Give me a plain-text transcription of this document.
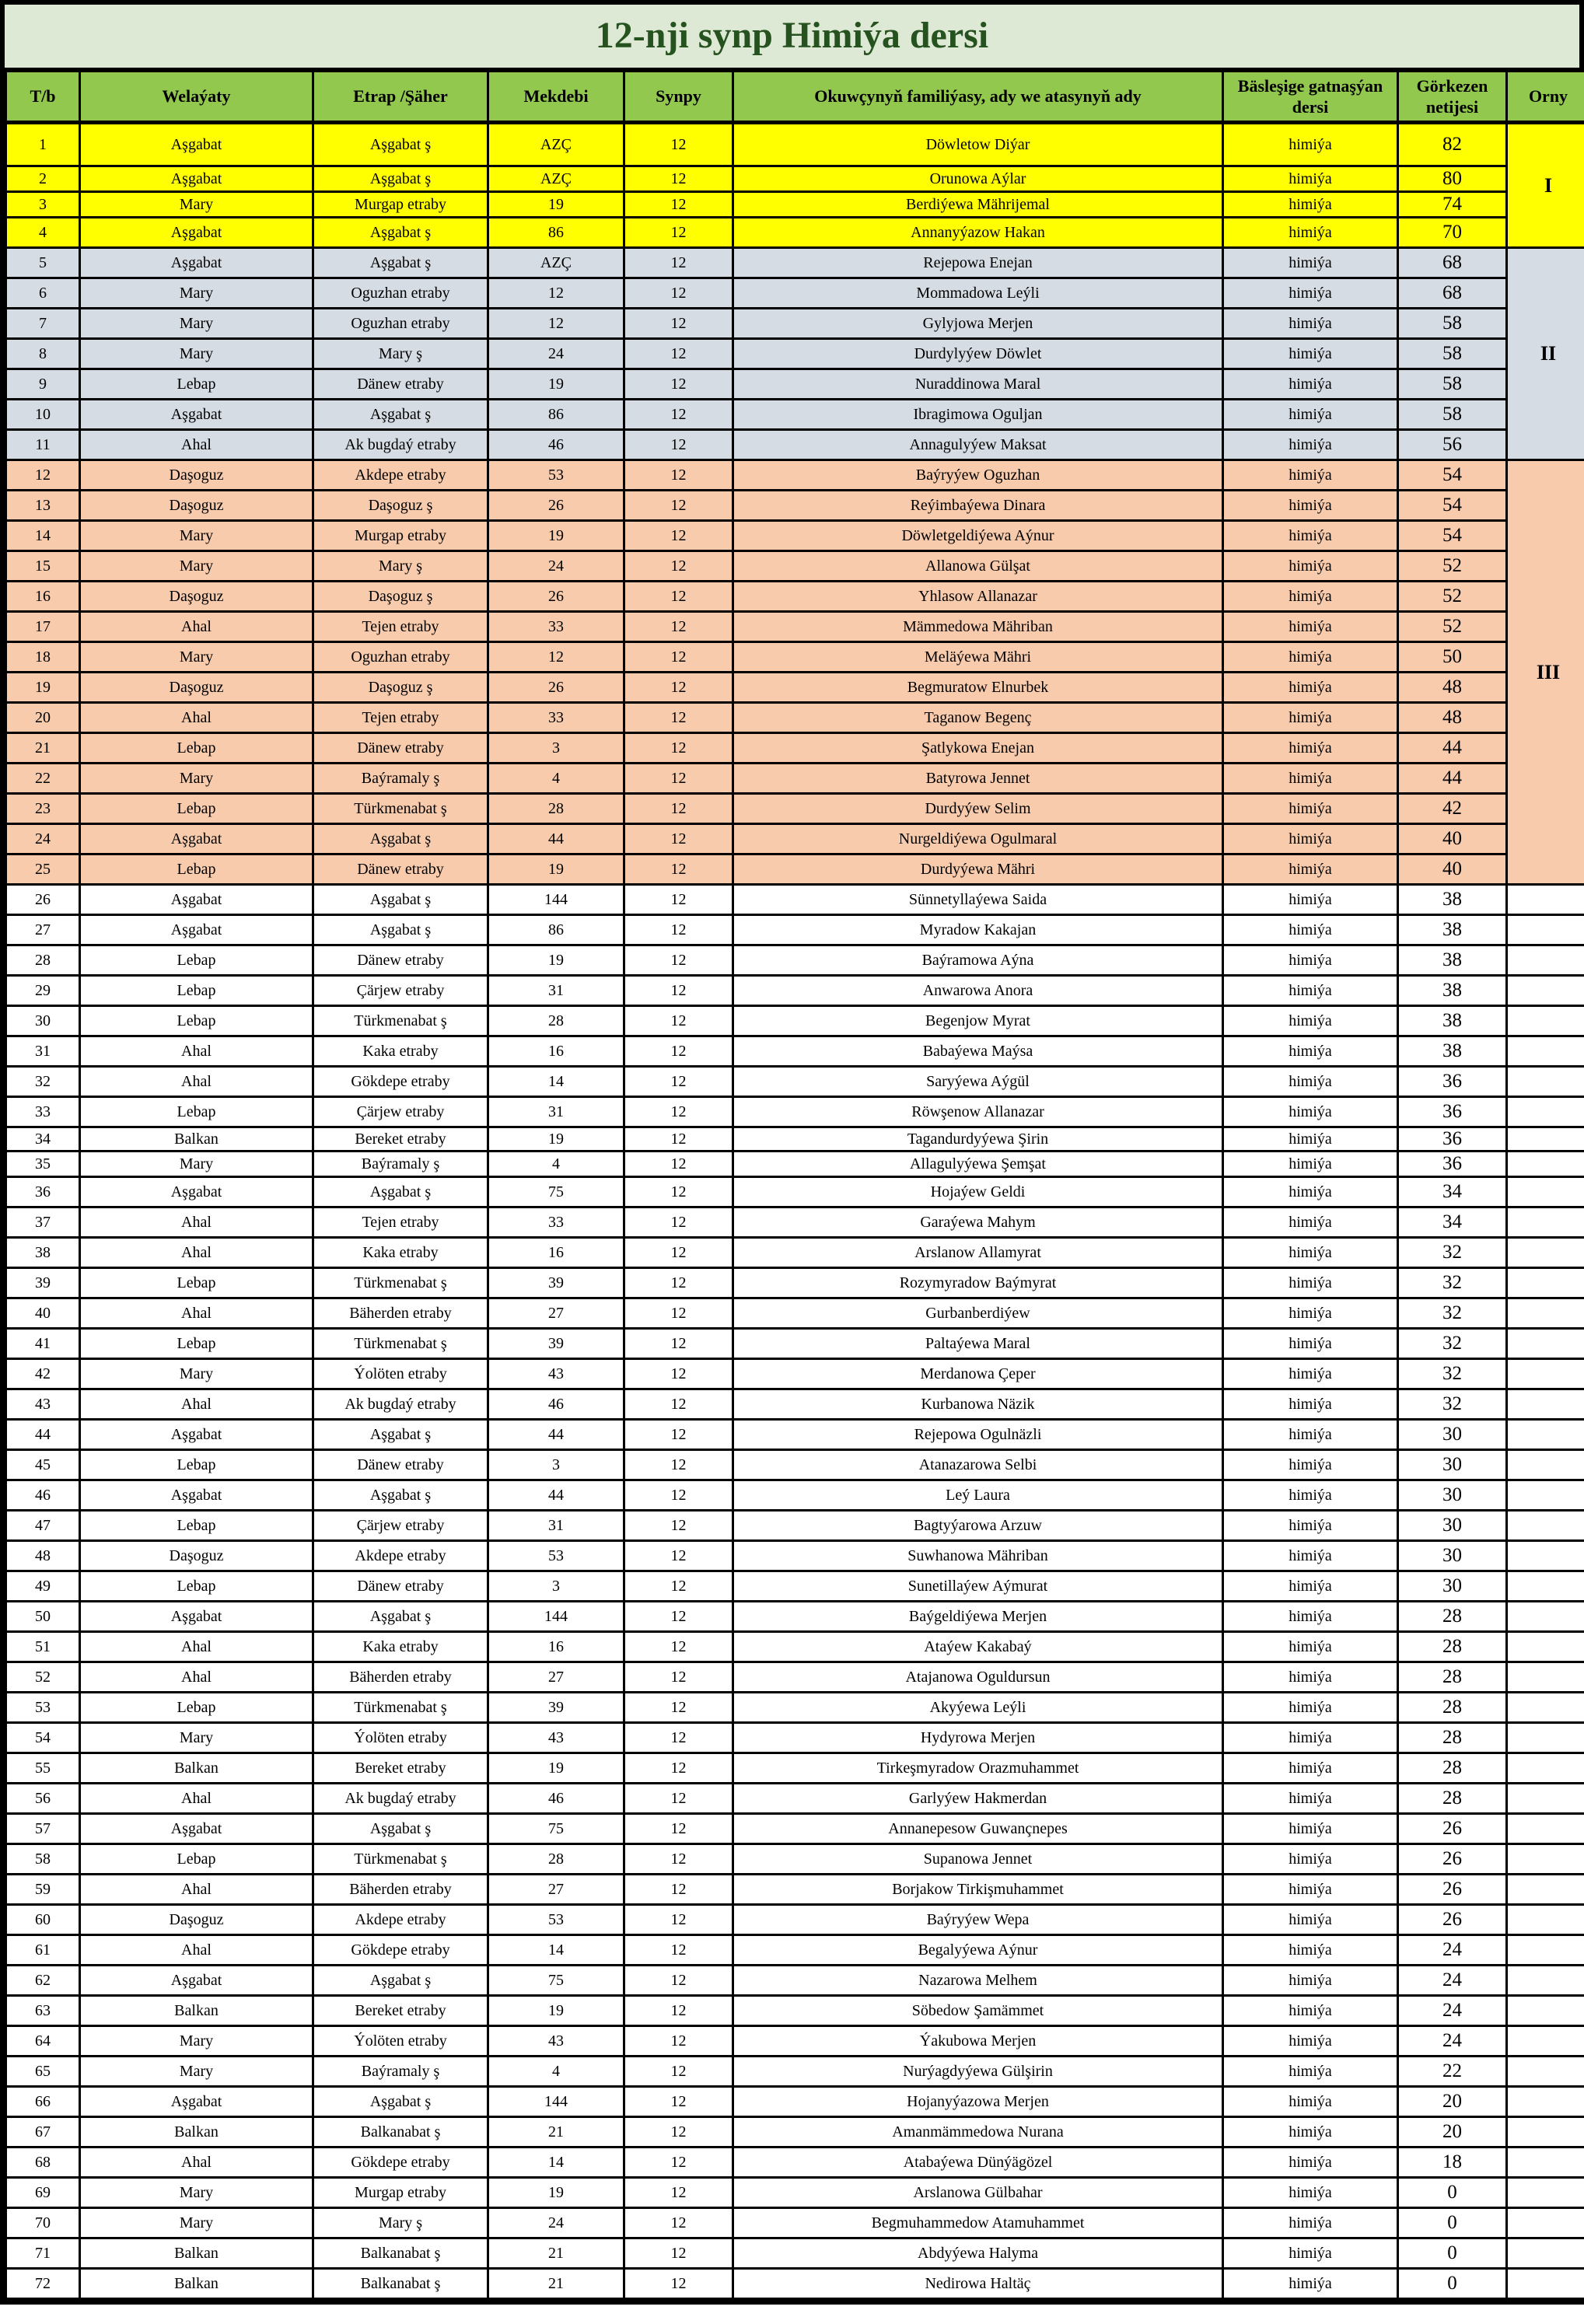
12-nji synp Himiýa dersi
T/b	Welaýaty	Etrap /Şäher	Mekdebi	Synpy	Okuwçynyň familiýasy, ady we atasynyň ady	Bäsleşige gatnaşýan dersi	Görkezen netijesi	Orny
1	Aşgabat	Aşgabat ş	AZÇ	12	Döwletow Diýar	himiýa	82	I
2	Aşgabat	Aşgabat ş	AZÇ	12	Orunowa Aýlar	himiýa	80	
3	Mary	Murgap etraby	19	12	Berdiýewa Mährijemal	himiýa	74	
4	Aşgabat	Aşgabat ş	86	12	Annanyýazow Hakan	himiýa	70	
5	Aşgabat	Aşgabat ş	AZÇ	12	Rejepowa Enejan	himiýa	68	II
6	Mary	Oguzhan etraby	12	12	Mommadowa Leýli	himiýa	68	
7	Mary	Oguzhan etraby	12	12	Gylyjowa Merjen	himiýa	58	
8	Mary	Mary ş	24	12	Durdylyýew Döwlet	himiýa	58	
9	Lebap	Dänew etraby	19	12	Nuraddinowa Maral	himiýa	58	
10	Aşgabat	Aşgabat ş	86	12	Ibragimowa Oguljan	himiýa	58	
11	Ahal	Ak bugdaý etraby	46	12	Annagulyýew Maksat	himiýa	56	
12	Daşoguz	Akdepe etraby	53	12	Baýryýew Oguzhan	himiýa	54	III
13	Daşoguz	Daşoguz ş	26	12	Reýimbaýewa Dinara	himiýa	54	
14	Mary	Murgap etraby	19	12	Döwletgeldiýewa Aýnur	himiýa	54	
15	Mary	Mary ş	24	12	Allanowa Gülşat	himiýa	52	
16	Daşoguz	Daşoguz ş	26	12	Yhlasow Allanazar	himiýa	52	
17	Ahal	Tejen etraby	33	12	Mämmedowa Mähriban	himiýa	52	
18	Mary	Oguzhan etraby	12	12	Meläýewa Mähri	himiýa	50	
19	Daşoguz	Daşoguz ş	26	12	Begmuratow Elnurbek	himiýa	48	
20	Ahal	Tejen etraby	33	12	Taganow Begenç	himiýa	48	
21	Lebap	Dänew etraby	3	12	Şatlykowa Enejan	himiýa	44	
22	Mary	Baýramaly ş	4	12	Batyrowa Jennet	himiýa	44	
23	Lebap	Türkmenabat ş	28	12	Durdyýew Selim	himiýa	42	
24	Aşgabat	Aşgabat ş	44	12	Nurgeldiýewa Ogulmaral	himiýa	40	
25	Lebap	Dänew etraby	19	12	Durdyýewa Mähri	himiýa	40	
26	Aşgabat	Aşgabat ş	144	12	Sünnetyllaýewa Saida	himiýa	38	
27	Aşgabat	Aşgabat ş	86	12	Myradow Kakajan	himiýa	38	
28	Lebap	Dänew etraby	19	12	Baýramowa Aýna	himiýa	38	
29	Lebap	Çärjew etraby	31	12	Anwarowa Anora	himiýa	38	
30	Lebap	Türkmenabat ş	28	12	Begenjow Myrat	himiýa	38	
31	Ahal	Kaka etraby	16	12	Babaýewa Maýsa	himiýa	38	
32	Ahal	Gökdepe etraby	14	12	Saryýewa Aýgül	himiýa	36	
33	Lebap	Çärjew etraby	31	12	Röwşenow Allanazar	himiýa	36	
34	Balkan	Bereket etraby	19	12	Tagandurdyýewa Şirin	himiýa	36	
35	Mary	Baýramaly ş	4	12	Allagulyýewa Şemşat	himiýa	36	
36	Aşgabat	Aşgabat ş	75	12	Hojaýew Geldi	himiýa	34	
37	Ahal	Tejen etraby	33	12	Garaýewa Mahym	himiýa	34	
38	Ahal	Kaka etraby	16	12	Arslanow Allamyrat	himiýa	32	
39	Lebap	Türkmenabat ş	39	12	Rozymyradow Baýmyrat	himiýa	32	
40	Ahal	Bäherden etraby	27	12	Gurbanberdiýew	himiýa	32	
41	Lebap	Türkmenabat ş	39	12	Paltaýewa Maral	himiýa	32	
42	Mary	Ýolöten etraby	43	12	Merdanowa Çeper	himiýa	32	
43	Ahal	Ak bugdaý etraby	46	12	Kurbanowa Näzik	himiýa	32	
44	Aşgabat	Aşgabat ş	44	12	Rejepowa Ogulnäzli	himiýa	30	
45	Lebap	Dänew etraby	3	12	Atanazarowa Selbi	himiýa	30	
46	Aşgabat	Aşgabat ş	44	12	Leý Laura	himiýa	30	
47	Lebap	Çärjew etraby	31	12	Bagtyýarowa Arzuw	himiýa	30	
48	Daşoguz	Akdepe etraby	53	12	Suwhanowa Mähriban	himiýa	30	
49	Lebap	Dänew etraby	3	12	Sunetillaýew Aýmurat	himiýa	30	
50	Aşgabat	Aşgabat ş	144	12	Baýgeldiýewa Merjen	himiýa	28	
51	Ahal	Kaka etraby	16	12	Ataýew Kakabaý	himiýa	28	
52	Ahal	Bäherden etraby	27	12	Atajanowa Oguldursun	himiýa	28	
53	Lebap	Türkmenabat ş	39	12	Akyýewa Leýli	himiýa	28	
54	Mary	Ýolöten etraby	43	12	Hydyrowa Merjen	himiýa	28	
55	Balkan	Bereket etraby	19	12	Tirkeşmyradow Orazmuhammet	himiýa	28	
56	Ahal	Ak bugdaý etraby	46	12	Garlyýew Hakmerdan	himiýa	28	
57	Aşgabat	Aşgabat ş	75	12	Annanepesow Guwançnepes	himiýa	26	
58	Lebap	Türkmenabat ş	28	12	Supanowa Jennet	himiýa	26	
59	Ahal	Bäherden etraby	27	12	Borjakow Tirkişmuhammet	himiýa	26	
60	Daşoguz	Akdepe etraby	53	12	Baýryýew Wepa	himiýa	26	
61	Ahal	Gökdepe etraby	14	12	Begalyýewa Aýnur	himiýa	24	
62	Aşgabat	Aşgabat ş	75	12	Nazarowa Melhem	himiýa	24	
63	Balkan	Bereket etraby	19	12	Söbedow Şamämmet	himiýa	24	
64	Mary	Ýolöten etraby	43	12	Ýakubowa Merjen	himiýa	24	
65	Mary	Baýramaly ş	4	12	Nurýagdyýewa Gülşirin	himiýa	22	
66	Aşgabat	Aşgabat ş	144	12	Hojanyýazowa Merjen	himiýa	20	
67	Balkan	Balkanabat ş	21	12	Amanmämmedowa Nurana	himiýa	20	
68	Ahal	Gökdepe etraby	14	12	Atabaýewa Dünýägözel	himiýa	18	
69	Mary	Murgap etraby	19	12	Arslanowa Gülbahar	himiýa	0	
70	Mary	Mary ş	24	12	Begmuhammedow Atamuhammet	himiýa	0	
71	Balkan	Balkanabat ş	21	12	Abdyýewa Halyma	himiýa	0	
72	Balkan	Balkanabat ş	21	12	Nedirowa Haltäç	himiýa	0	
